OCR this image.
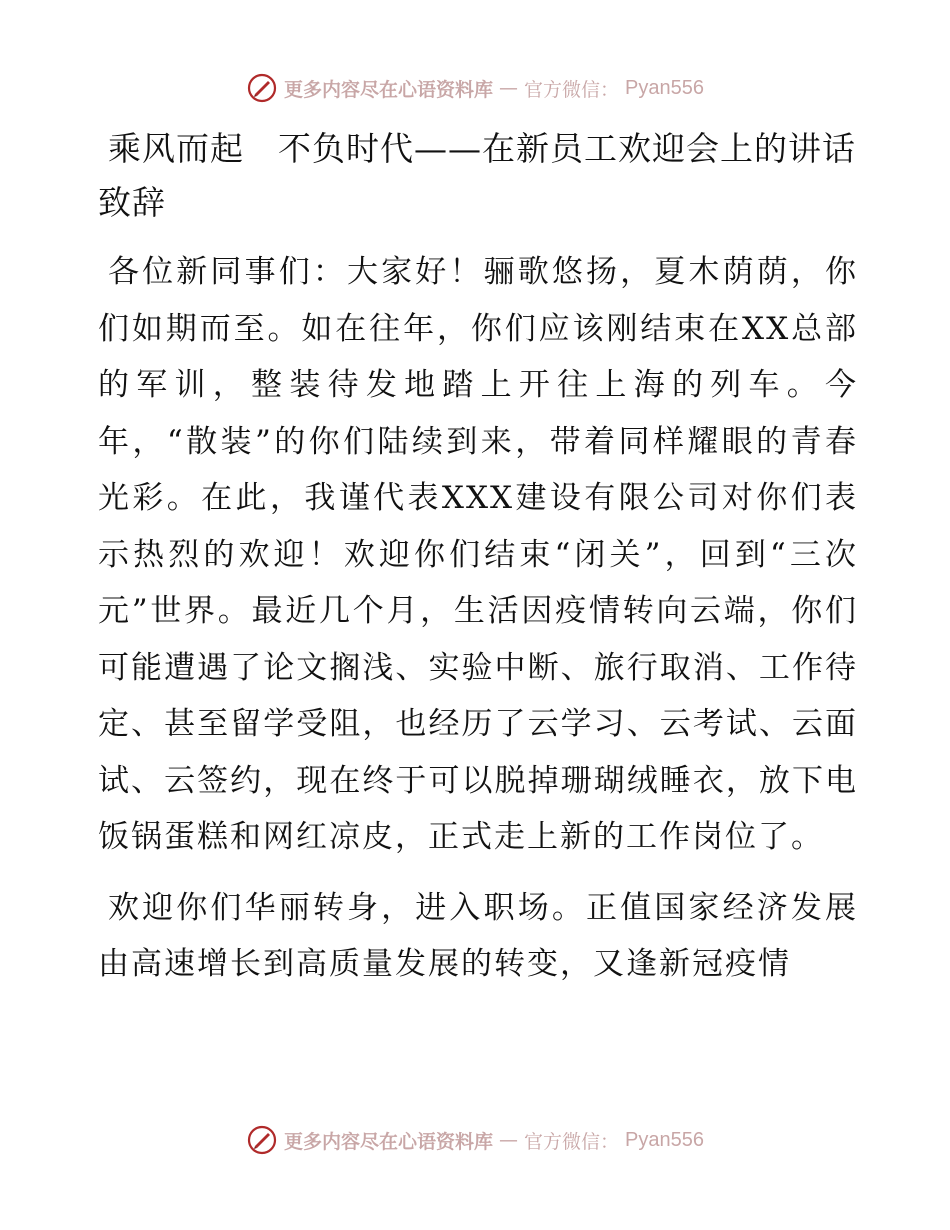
更多内容尽在心语资料库 — 官方微信： Pyan556
乘风而起　不负时代——在新员工欢迎会上的讲话致辞

各位新同事们：大家好！骊歌悠扬，夏木荫荫，你们如期而至。如在往年，你们应该刚结束在XX总部的军训，整装待发地踏上开往上海的列车。今年，“散装”的你们陆续到来，带着同样耀眼的青春光彩。在此，我谨代表XXX建设有限公司对你们表示热烈的欢迎！欢迎你们结束“闭关”，回到“三次元”世界。最近几个月，生活因疫情转向云端，你们可能遭遇了论文搁浅、实验中断、旅行取消、工作待定、甚至留学受阻，也经历了云学习、云考试、云面试、云签约，现在终于可以脱掉珊瑚绒睡衣，放下电饭锅蛋糕和网红凉皮，正式走上新的工作岗位了。

欢迎你们华丽转身，进入职场。正值国家经济发展由高速增长到高质量发展的转变，又逢新冠疫情

更多内容尽在心语资料库 — 官方微信： Pyan556
